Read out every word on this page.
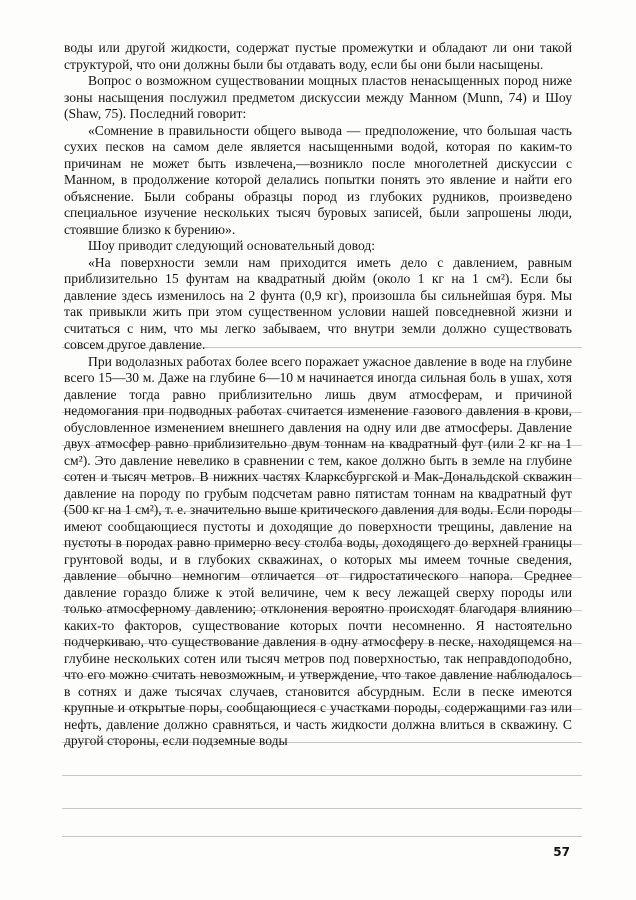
воды или другой жидкости, содержат пустые промежутки и обладают ли они такой структурой, что они должны были бы отдавать воду, если бы они были насыщены.

Вопрос о возможном существовании мощных пластов ненасыщенных пород ниже зоны насыщения послужил предметом дискуссии между Манном (Munn, 74) и Шоу (Shaw, 75). Последний говорит:

«Сомнение в правильности общего вывода — предположение, что большая часть сухих песков на самом деле является насыщенными водой, которая по каким-то причинам не может быть извлечена,—возникло после многолетней дискуссии с Манном, в продолжение которой делались попытки понять это явление и найти его объяснение. Были собраны образцы пород из глубоких рудников, произведено специальное изучение нескольких тысяч буровых записей, были запрошены люди, стоявшие близко к бурению».

Шоу приводит следующий основательный довод:

«На поверхности земли нам приходится иметь дело с давлением, равным приблизительно 15 фунтам на квадратный дюйм (около 1 кг на 1 см²). Если бы давление здесь изменилось на 2 фунта (0,9 кг), произошла бы сильнейшая буря. Мы так привыкли жить при этом существенном условии нашей повседневной жизни и считаться с ним, что мы легко забываем, что внутри земли должно существовать совсем другое давление.

При водолазных работах более всего поражает ужасное давление в воде на глубине всего 15—30 м. Даже на глубине 6—10 м начинается иногда сильная боль в ушах, хотя давление тогда равно приблизительно лишь двум атмосферам, и причиной недомогания при подводных работах считается изменение газового давления в крови, обусловленное изменением внешнего давления на одну или две атмосферы. Давление двух атмосфер равно приблизительно двум тоннам на квадратный фут (или 2 кг на 1 см²). Это давление невелико в сравнении с тем, какое должно быть в земле на глубине сотен и тысяч метров. В нижних частях Кларксбургской и Мак-Дональдской скважин давление на породу по грубым подсчетам равно пятистам тоннам на квадратный фут (500 кг на 1 см²), т. е. значительно выше критического давления для воды. Если породы имеют сообщающиеся пустоты и доходящие до поверхности трещины, давление на пустоты в породах равно примерно весу столба воды, доходящего до верхней границы грунтовой воды, и в глубоких скважинах, о которых мы имеем точные сведения, давление обычно немногим отличается от гидростатического напора. Среднее давление гораздо ближе к этой величине, чем к весу лежащей сверху породы или только атмосферному давлению; отклонения вероятно происходят благодаря влиянию каких-то факторов, существование которых почти несомненно. Я настоятельно подчеркиваю, что существование давления в одну атмосферу в песке, находящемся на глубине нескольких сотен или тысяч метров под поверхностью, так неправдоподобно, что его можно считать невозможным, и утверждение, что такое давление наблюдалось в сотнях и даже тысячах случаев, становится абсурдным. Если в песке имеются крупные и открытые поры, сообщающиеся с участками породы, содержащими газ или нефть, давление должно сравняться, и часть жидкости должна влиться в скважину. С другой стороны, если подземные воды

57
